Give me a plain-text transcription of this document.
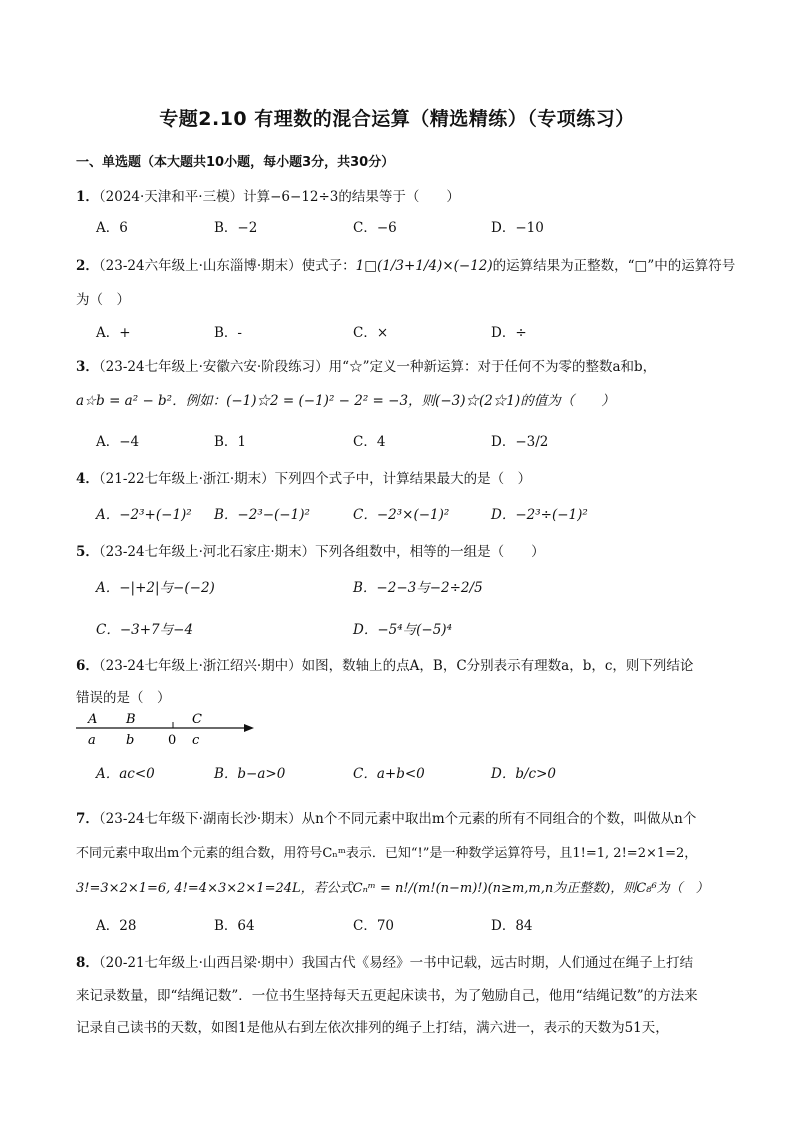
专题2.10 有理数的混合运算（精选精练）（专项练习）
一、单选题（本大题共10小题，每小题3分，共30分）
1．（2024·天津和平·三模）计算−6−12÷3的结果等于（　　）
A．6	B．−2	C．−6	D．−10
2．（23-24六年级上·山东淄博·期末）使式子：1□(1/3+1/4)×(−12)的运算结果为正整数，“□”中的运算符号
为（　）
A．+	B．-	C．×	D．÷
3．（23-24七年级上·安徽六安·阶段练习）用“☆”定义一种新运算：对于任何不为零的整数a和b，
a☆b = a² − b²．例如：(−1)☆2 = (−1)² − 2² = −3，则(−3)☆(2☆1)的值为（　　）
A．−4	B．1	C．4	D．−3/2
4．（21-22七年级上·浙江·期末）下列四个式子中，计算结果最大的是（　）
A．−2³+(−1)² B．−2³−(−1)²	C．−2³×(−1)²	D．−2³÷(−1)²
5．（23-24七年级上·河北石家庄·期末）下列各组数中，相等的一组是（　　）
A．−|+2|与−(−2)	B．−2−3与−2÷2/5
C．−3+7与−4	D．−5⁴与(−5)⁴
6．（23-24七年级上·浙江绍兴·期中）如图，数轴上的点A，B，C分别表示有理数a，b，c，则下列结论
错误的是（　）
A B	C
a b	0 c
A．ac<0	B．b−a>0	C．a+b<0	D．b/c>0
7．（23-24七年级下·湖南长沙·期末）从n个不同元素中取出m个元素的所有不同组合的个数，叫做从n个
不同元素中取出m个元素的组合数，用符号Cₙᵐ表示．已知“!”是一种数学运算符号，且1!=1, 2!=2×1=2，
3!=3×2×1=6, 4!=4×3×2×1=24L，若公式Cₙᵐ = n!/(m!(n−m)!)(n≥m,m,n为正整数)，则C₈⁶为（　）
A．28	B．64	C．70	D．84
8．（20-21七年级上·山西吕梁·期中）我国古代《易经》一书中记载，远古时期，人们通过在绳子上打结
来记录数量，即“结绳记数”．一位书生坚持每天五更起床读书，为了勉励自己，他用“结绳记数”的方法来
记录自己读书的天数，如图1是他从右到左依次排列的绳子上打结，满六进一，表示的天数为51天，
